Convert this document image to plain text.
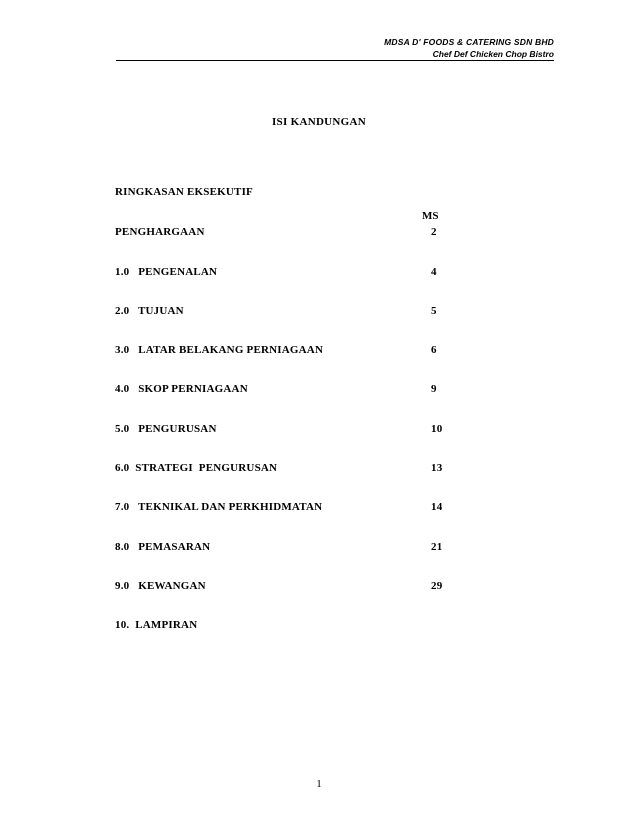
MDSA D' FOODS & CATERING SDN BHD
Chef Def Chicken Chop Bistro
ISI KANDUNGAN
RINGKASAN EKSEKUTIF
MS
PENGHARGAAN	2
1.0   PENGENALAN	4
2.0   TUJUAN	5
3.0   LATAR BELAKANG PERNIAGAAN	6
4.0   SKOP PERNIAGAAN	9
5.0   PENGURUSAN	10
6.0  STRATEGI  PENGURUSAN	13
7.0   TEKNIKAL DAN PERKHIDMATAN	14
8.0   PEMASARAN	21
9.0   KEWANGAN	29
10.  LAMPIRAN
1
